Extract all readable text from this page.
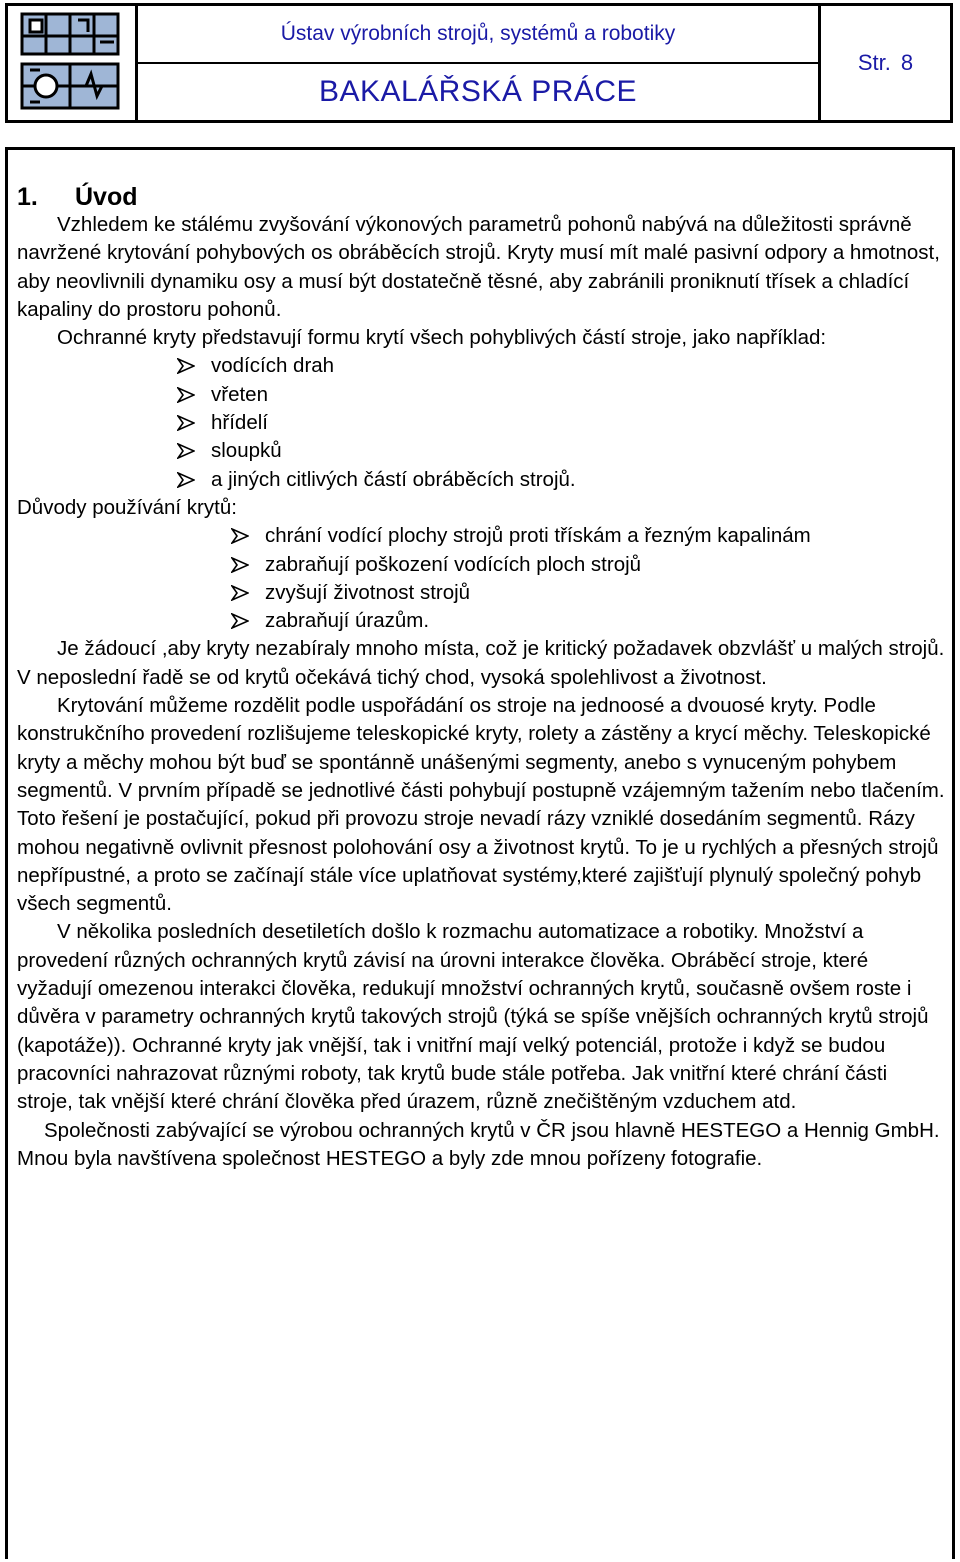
Ústav výrobních strojů, systémů a robotiky
BAKALÁŘSKÁ PRÁCE
Str. 8
1. Úvod

Vzhledem ke stálému zvyšování výkonových parametrů pohonů nabývá na důležitosti správně navržené krytování pohybových os obráběcích strojů. Kryty musí mít malé pasivní odpory a hmotnost, aby neovlivnili dynamiku osy a musí být dostatečně těsné, aby zabránili proniknutí třísek a chladící kapaliny do prostoru pohonů.

Ochranné kryty představují formu krytí všech pohyblivých částí stroje, jako například:

vodících drah
vřeten
hřídelí
sloupků
a jiných citlivých částí obráběcích strojů.

Důvody používání krytů:

chrání vodící plochy strojů proti třískám a řezným kapalinám
zabraňují poškození vodících ploch strojů
zvyšují životnost strojů
zabraňují úrazům.

Je žádoucí ,aby kryty nezabíraly mnoho místa, což je kritický požadavek obzvlášť u malých strojů. V neposlední řadě se od krytů očekává tichý chod, vysoká spolehlivost a životnost.

Krytování můžeme rozdělit podle uspořádání os stroje na jednoosé a dvouosé kryty. Podle konstrukčního provedení rozlišujeme teleskopické kryty, rolety a zástěny a krycí měchy. Teleskopické kryty a měchy mohou být buď se spontánně unášenými segmenty, anebo s vynuceným pohybem segmentů. V prvním případě se jednotlivé části pohybují postupně vzájemným tažením nebo tlačením. Toto řešení je postačující, pokud při provozu stroje nevadí rázy vzniklé dosedáním segmentů. Rázy mohou negativně ovlivnit přesnost polohování osy a životnost krytů. To je u rychlých a přesných strojů nepřípustné, a proto se začínají stále více uplatňovat systémy,které zajišťují plynulý společný pohyb všech segmentů.

V několika posledních desetiletích došlo k rozmachu automatizace a robotiky. Množství a provedení různých ochranných krytů závisí na úrovni interakce člověka. Obráběcí stroje, které vyžadují omezenou interakci člověka, redukují množství ochranných krytů, současně ovšem roste i důvěra v parametry ochranných krytů takových strojů (týká se spíše vnějších ochranných krytů strojů (kapotáže)). Ochranné kryty jak vnější, tak i vnitřní mají velký potenciál, protože i když se budou pracovníci nahrazovat různými roboty, tak krytů bude stále potřeba. Jak vnitřní které chrání části stroje, tak vnější které chrání člověka před úrazem, různě znečištěným vzduchem atd.

Společnosti zabývající se výrobou ochranných krytů v ČR jsou hlavně HESTEGO a Hennig GmbH. Mnou byla navštívena společnost HESTEGO a byly zde mnou pořízeny fotografie.
